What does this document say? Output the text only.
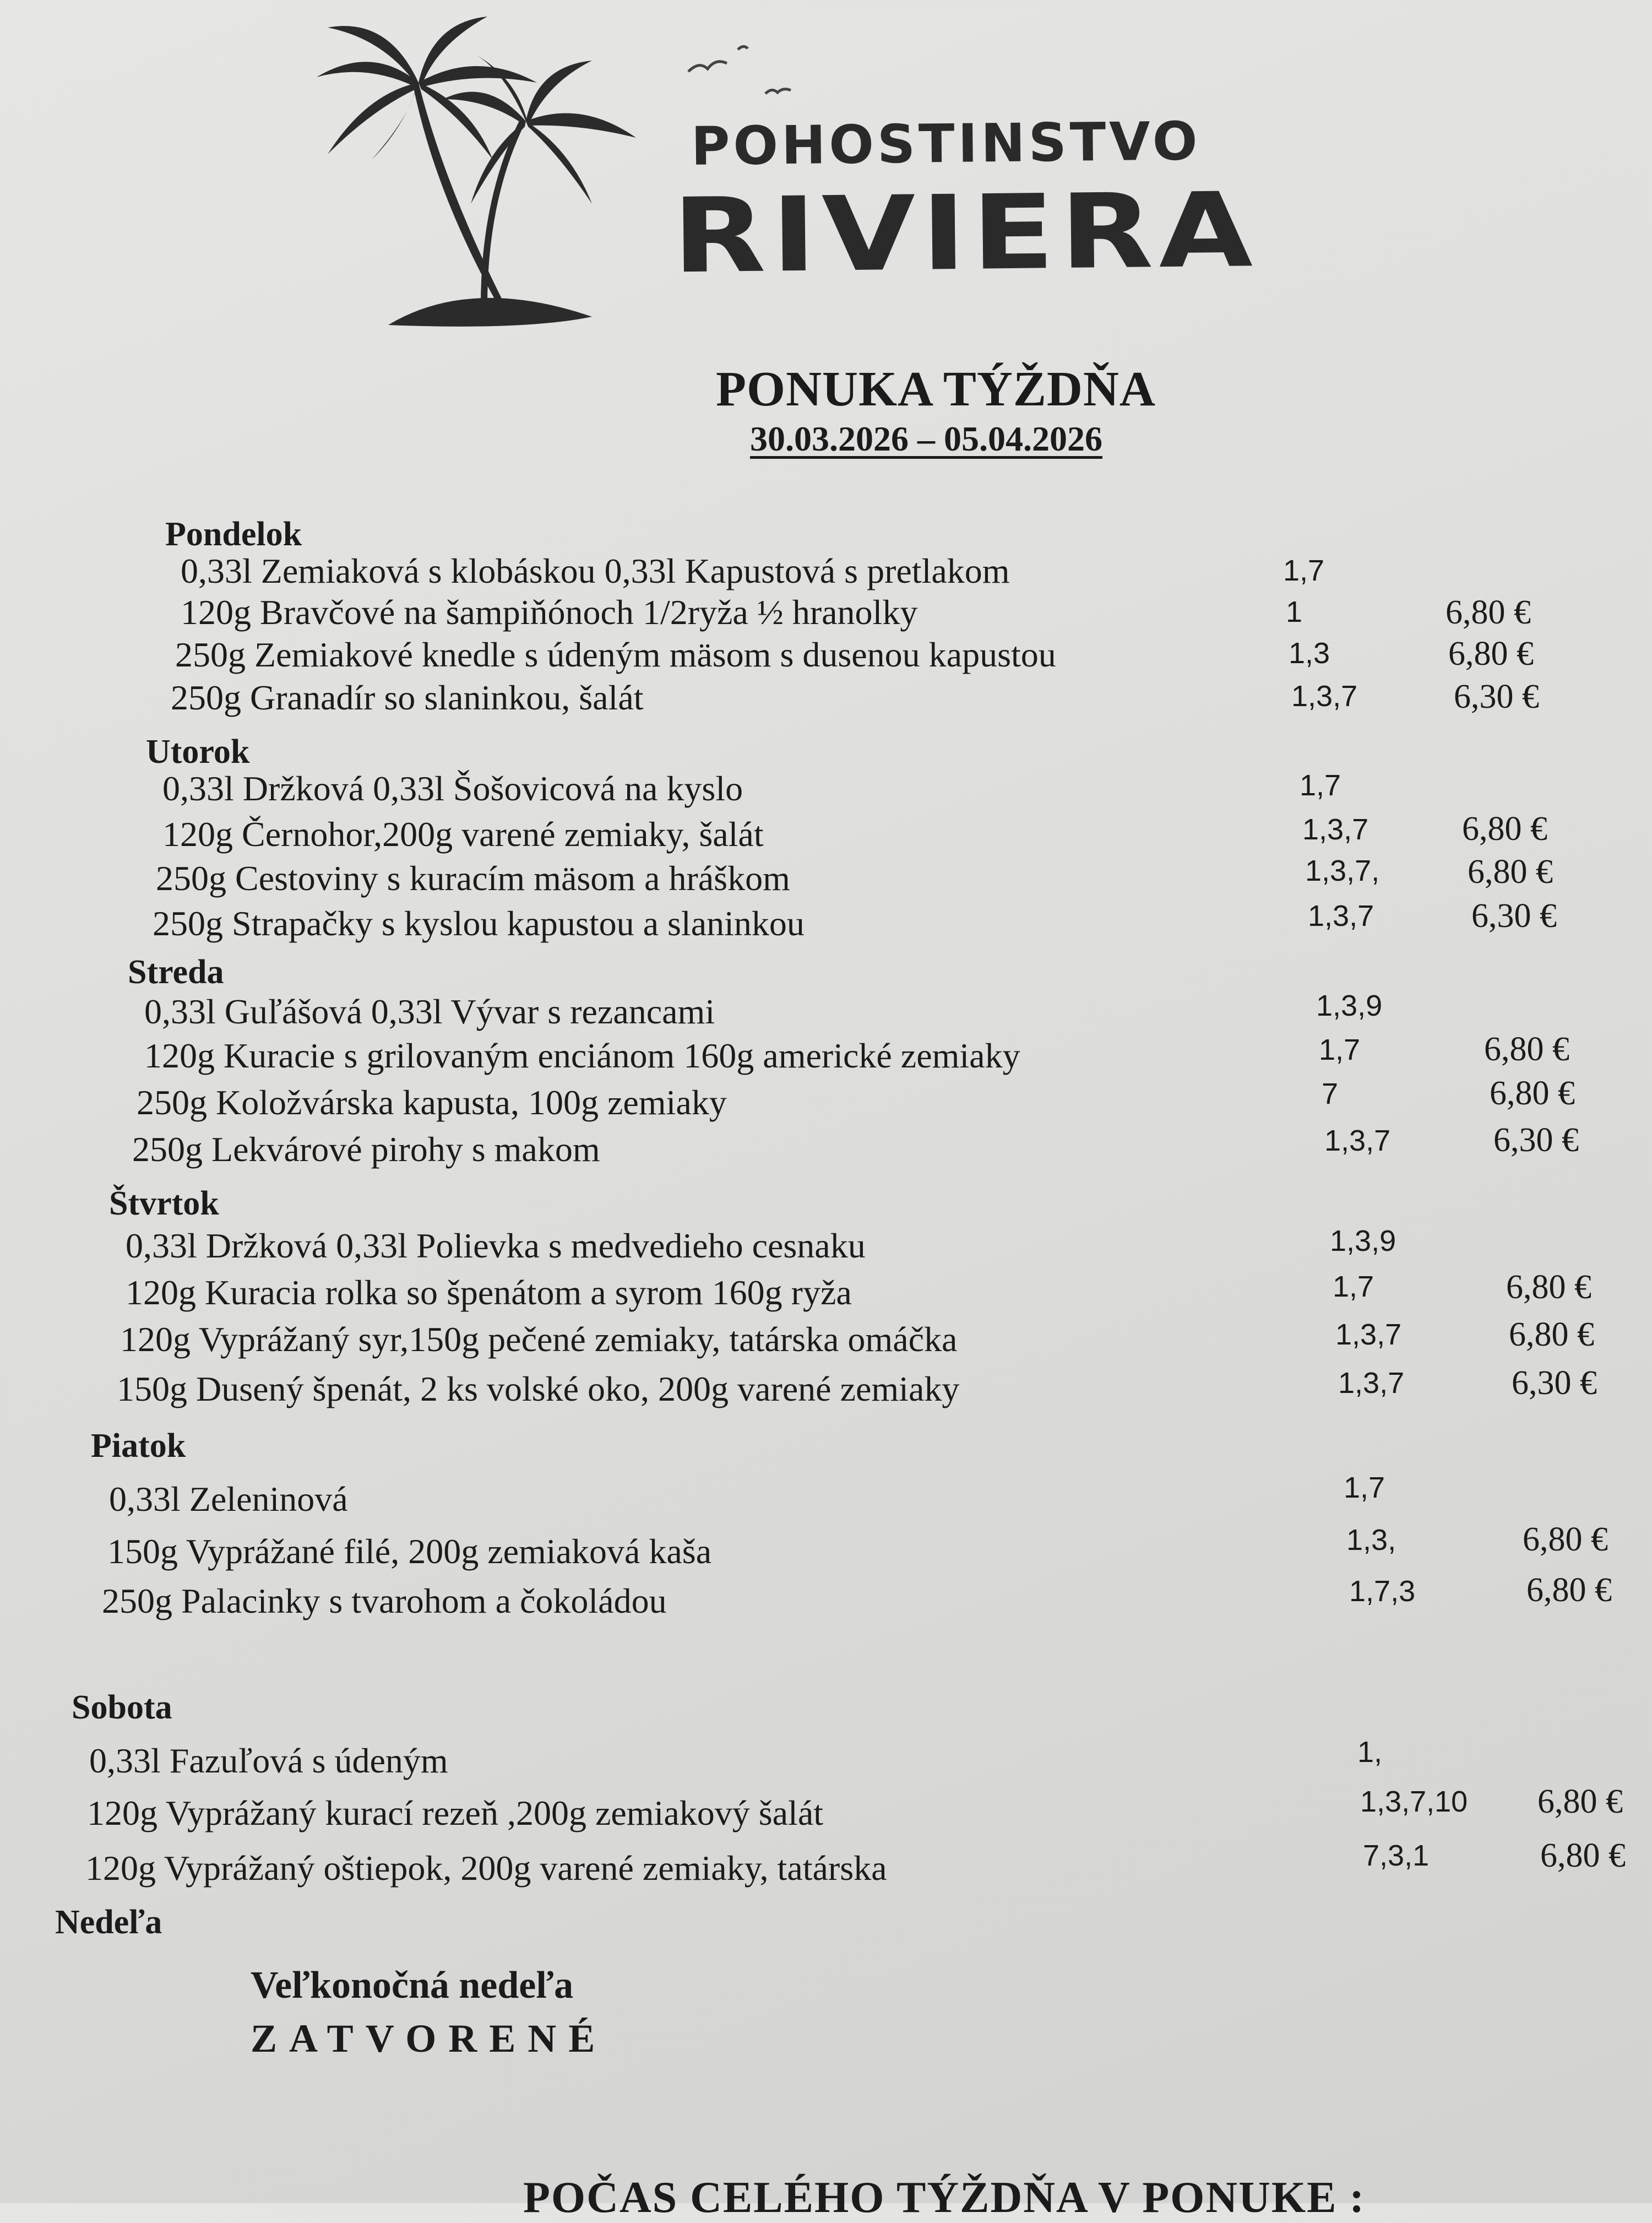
POHOSTINSTVO
RIVIERA
PONUKA TÝŽDŇA
30.03.2026 – 05.04.2026
Pondelok
0,33l Zemiaková s klobáskou 0,33l Kapustová s pretlakom	1,7
120g Bravčové na šampiňónoch 1/2ryža ½ hranolky	1	6,80 €
250g Zemiakové knedle s údeným mäsom s dusenou kapustou	1,3	6,80 €
250g Granadír so slaninkou, šalát	1,3,7	6,30 €
Utorok
0,33l Držková 0,33l Šošovicová na kyslo	1,7
120g Černohor,200g varené zemiaky, šalát	1,3,7	6,80 €
250g Cestoviny s kuracím mäsom a hráškom	1,3,7,	6,80 €
250g Strapačky s kyslou kapustou a slaninkou	1,3,7	6,30 €
Streda
0,33l Guľášová 0,33l Vývar s rezancami	1,3,9
120g Kuracie s grilovaným enciánom 160g americké zemiaky	1,7	6,80 €
250g Koložvárska kapusta, 100g zemiaky	7	6,80 €
250g Lekvárové pirohy s makom	1,3,7	6,30 €
Štvrtok
0,33l Držková 0,33l Polievka s medvedieho cesnaku	1,3,9
120g Kuracia rolka so špenátom a syrom 160g ryža	1,7	6,80 €
120g Vyprážaný syr,150g pečené zemiaky, tatárska omáčka	1,3,7	6,80 €
150g Dusený špenát, 2 ks volské oko, 200g varené zemiaky	1,3,7	6,30 €
Piatok
0,33l Zeleninová	1,7
150g Vyprážané filé, 200g zemiaková kaša	1,3,	6,80 €
250g Palacinky s tvarohom a čokoládou	1,7,3	6,80 €
Sobota
0,33l Fazuľová s údeným	1,
120g Vyprážaný kurací rezeň ,200g zemiakový šalát	1,3,7,10 6,80 €
120g Vyprážaný oštiepok, 200g varené zemiaky, tatárska	7,3,1	6,80 €
Nedeľa
Veľkonočná nedeľa
ZATVORENÉ
POČAS CELÉHO TÝŽDŇA V PONUKE :
